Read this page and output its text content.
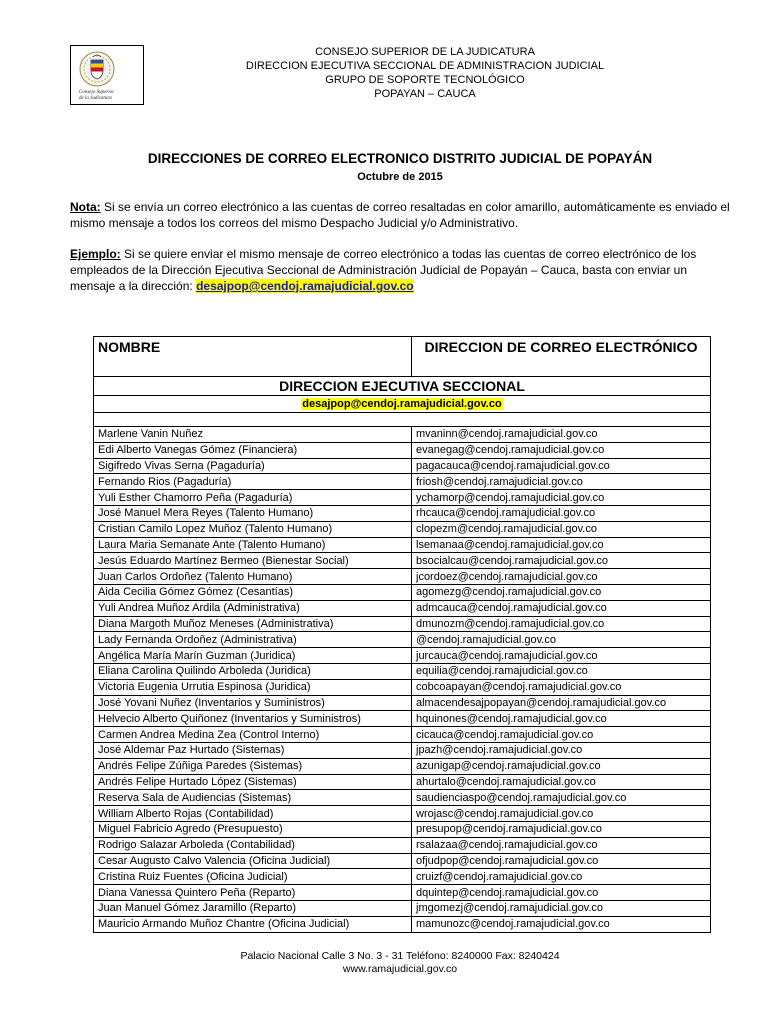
Consejo Superior
de la Judicatura
CONSEJO SUPERIOR DE LA JUDICATURA
DIRECCION EJECUTIVA SECCIONAL DE ADMINISTRACION JUDICIAL
GRUPO DE SOPORTE TECNOLÓGICO
POPAYAN – CAUCA
DIRECCIONES DE CORREO ELECTRONICO DISTRITO JUDICIAL DE POPAYÁN
Octubre de 2015
Nota: Si se envía un correo electrónico a las cuentas de correo resaltadas en color amarillo, automáticamente es enviado el mismo mensaje a todos los correos del mismo Despacho Judicial y/o Administrativo.
Ejemplo: Si se quiere enviar el mismo mensaje de correo electrónico a todas las cuentas de correo electrónico de los empleados de la Dirección Ejecutiva Seccional de Administración Judicial de Popayán – Cauca, basta con enviar un mensaje a la dirección: desajpop@cendoj.ramajudicial.gov.co
NOMBRE	DIRECCION DE CORREO ELECTRÓNICO
DIRECCION EJECUTIVA SECCIONAL	
desajpop@cendoj.ramajudicial.gov.co	

Marlene Vanin Nuñez	mvaninn@cendoj.ramajudicial.gov.co
Edi Alberto Vanegas Gómez (Financiera)	evanegag@cendoj.ramajudicial.gov.co
Sigifredo Vivas Serna (Pagaduría)	pagacauca@cendoj.ramajudicial.gov.co
Fernando Rios (Pagaduría)	friosh@cendoj.ramajudicial.gov.co
Yuli Esther Chamorro Peña (Pagaduría)	ychamorp@cendoj.ramajudicial.gov.co
José Manuel Mera Reyes (Talento Humano)	rhcauca@cendoj.ramajudicial.gov.co
Cristian Camilo Lopez Muñoz (Talento Humano)	clopezm@cendoj.ramajudicial.gov.co
Laura Maria Semanate Ante (Talento Humano)	lsemanaa@cendoj.ramajudicial.gov.co
Jesús Eduardo Martínez Bermeo (Bienestar Social)	bsocialcau@cendoj.ramajudicial.gov.co
Juan Carlos Ordoñez (Talento Humano)	jcordoez@cendoj.ramajudicial.gov.co
Aida Cecilia Gómez Gómez (Cesantías)	agomezg@cendoj.ramajudicial.gov.co
Yuli Andrea Muñoz Ardila (Administrativa)	admcauca@cendoj.ramajudicial.gov.co
Diana Margoth Muñoz Meneses (Administrativa)	dmunozm@cendoj.ramajudicial.gov.co
Lady Fernanda Ordoñez (Administrativa)	@cendoj.ramajudicial.gov.co
Angélica María Marín Guzman (Juridica)	jurcauca@cendoj.ramajudicial.gov.co
Eliana Carolina Quilindo Arboleda (Juridica)	equilia@cendoj.ramajudicial.gov.co
Victoria Eugenia Urrutia Espinosa (Juridica)	cobcoapayan@cendoj.ramajudicial.gov.co
José Yovani Nuñez (Inventarios y Suministros)	almacendesajpopayan@cendoj.ramajudicial.gov.co
Helvecio Alberto Quiñonez (Inventarios y Suministros)	hquinones@cendoj.ramajudicial.gov.co
Carmen Andrea Medina Zea (Control Interno)	cicauca@cendoj.ramajudicial.gov.co
José Aldemar Paz Hurtado (Sistemas)	jpazh@cendoj.ramajudicial.gov.co
Andrés Felipe Zúñiga Paredes (Sistemas)	azunigap@cendoj.ramajudicial.gov.co
Andrés Felipe Hurtado López (Sistemas)	ahurtalo@cendoj.ramajudicial.gov.co
Reserva Sala de Audiencias (Sistemas)	saudienciaspo@cendoj.ramajudicial.gov.co
William Alberto Rojas (Contabilidad)	wrojasc@cendoj.ramajudicial.gov.co
Miguel Fabricio Agredo (Presupuesto)	presupop@cendoj.ramajudicial.gov.co
Rodrigo Salazar Arboleda (Contabilidad)	rsalazaa@cendoj.ramajudicial.gov.co
Cesar Augusto Calvo Valencia (Oficina Judicial)	ofjudpop@cendoj.ramajudicial.gov.co
Cristina Ruiz Fuentes (Oficina Judicial)	cruizf@cendoj.ramajudicial.gov.co
Diana Vanessa Quintero Peña (Reparto)	dquintep@cendoj.ramajudicial.gov.co
Juan Manuel Gómez Jaramillo (Reparto)	jmgomezj@cendoj.ramajudicial.gov.co
Mauricio Armando Muñoz Chantre (Oficina Judicial)	mamunozc@cendoj.ramajudicial.gov.co
Palacio Nacional Calle 3 No. 3 - 31 Teléfono: 8240000 Fax: 8240424
www.ramajudicial.gov.co
